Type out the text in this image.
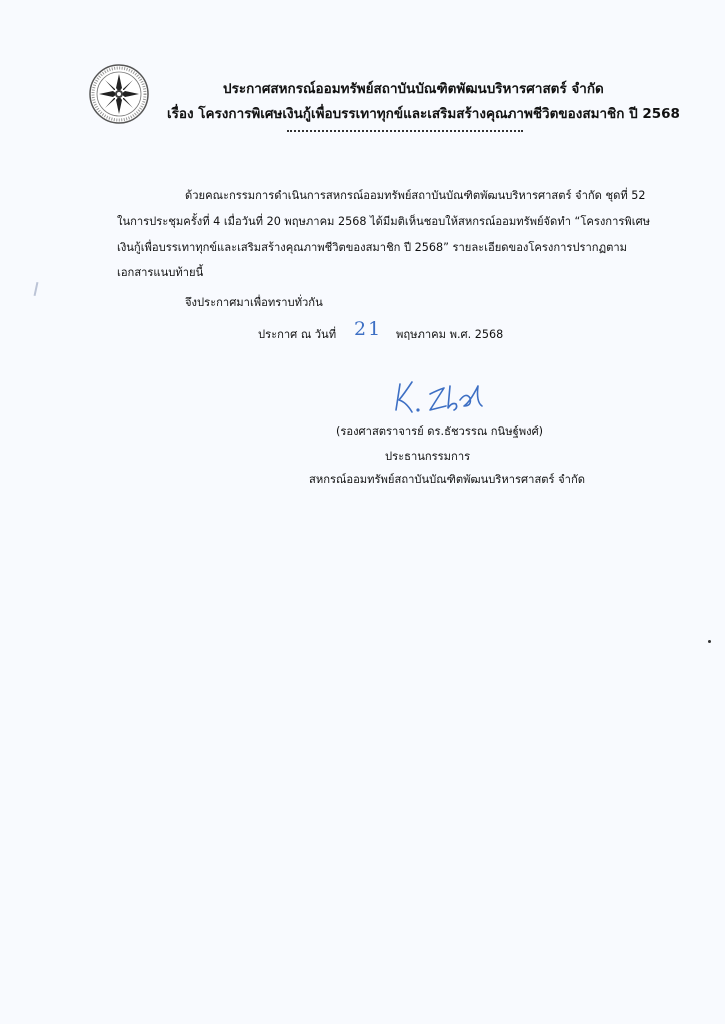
ประกาศสหกรณ์ออมทรัพย์สถาบันบัณฑิตพัฒนบริหารศาสตร์ จำกัด
เรื่อง โครงการพิเศษเงินกู้เพื่อบรรเทาทุกข์และเสริมสร้างคุณภาพชีวิตของสมาชิก ปี 2568
ด้วยคณะกรรมการดำเนินการสหกรณ์ออมทรัพย์สถาบันบัณฑิตพัฒนบริหารศาสตร์ จำกัด ชุดที่ 52
ในการประชุมครั้งที่ 4 เมื่อวันที่ 20 พฤษภาคม 2568 ได้มีมติเห็นชอบให้สหกรณ์ออมทรัพย์จัดทำ “โครงการพิเศษ
เงินกู้เพื่อบรรเทาทุกข์และเสริมสร้างคุณภาพชีวิตของสมาชิก ปี 2568” รายละเอียดของโครงการปรากฏตาม
เอกสารแนบท้ายนี้
จึงประกาศมาเพื่อทราบทั่วกัน
ประกาศ ณ วันที่ 21 พฤษภาคม พ.ศ. 2568
(รองศาสตราจารย์ ดร.ธัชวรรณ กนิษฐ์พงศ์)
ประธานกรรมการ
สหกรณ์ออมทรัพย์สถาบันบัณฑิตพัฒนบริหารศาสตร์ จำกัด
